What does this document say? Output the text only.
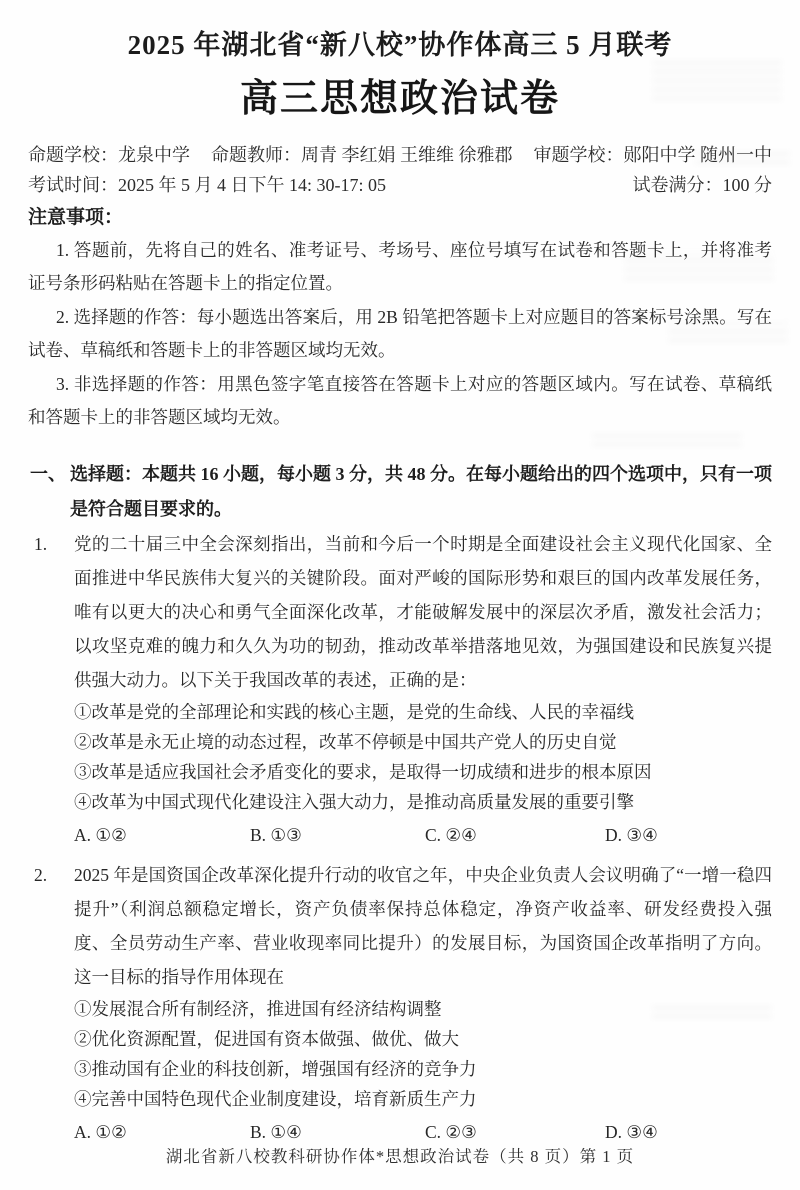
2025 年湖北省“新八校”协作体高三 5 月联考
高三思想政治试卷
命题学校：龙泉中学 命题教师：周青 李红娟 王维维 徐雅郡 审题学校：郧阳中学 随州一中
考试时间：2025 年 5 月 4 日下午 14: 30-17: 05	试卷满分：100 分
注意事项：

1. 答题前，先将自己的姓名、准考证号、考场号、座位号填写在试卷和答题卡上，并将准考证号条形码粘贴在答题卡上的指定位置。

2. 选择题的作答：每小题选出答案后，用 2B 铅笔把答题卡上对应题目的答案标号涂黑。写在试卷、草稿纸和答题卡上的非答题区域均无效。

3. 非选择题的作答：用黑色签字笔直接答在答题卡上对应的答题区域内。写在试卷、草稿纸和答题卡上的非答题区域均无效。

一、 选择题：本题共 16 小题，每小题 3 分，共 48 分。在每小题给出的四个选项中，只有一项是符合题目要求的。
1.	党的二十届三中全会深刻指出，当前和今后一个时期是全面建设社会主义现代化国家、全面推进中华民族伟大复兴的关键阶段。面对严峻的国际形势和艰巨的国内改革发展任务，唯有以更大的决心和勇气全面深化改革，才能破解发展中的深层次矛盾，激发社会活力；以攻坚克难的魄力和久久为功的韧劲，推动改革举措落地见效，为强国建设和民族复兴提供强大动力。以下关于我国改革的表述，正确的是：
①改革是党的全部理论和实践的核心主题，是党的生命线、人民的幸福线
②改革是永无止境的动态过程，改革不停顿是中国共产党人的历史自觉
③改革是适应我国社会矛盾变化的要求，是取得一切成绩和进步的根本原因
④改革为中国式现代化建设注入强大动力，是推动高质量发展的重要引擎
A. ①②	B. ①③	C. ②④	D. ③④
2.	2025 年是国资国企改革深化提升行动的收官之年，中央企业负责人会议明确了“一增一稳四提升”（利润总额稳定增长，资产负债率保持总体稳定，净资产收益率、研发经费投入强度、全员劳动生产率、营业收现率同比提升）的发展目标，为国资国企改革指明了方向。这一目标的指导作用体现在
①发展混合所有制经济，推进国有经济结构调整
②优化资源配置，促进国有资本做强、做优、做大
③推动国有企业的科技创新，增强国有经济的竞争力
④完善中国特色现代企业制度建设，培育新质生产力
A. ①②	B. ①④	C. ②③	D. ③④
湖北省新八校教科研协作体*思想政治试卷（共 8 页）第 1 页
